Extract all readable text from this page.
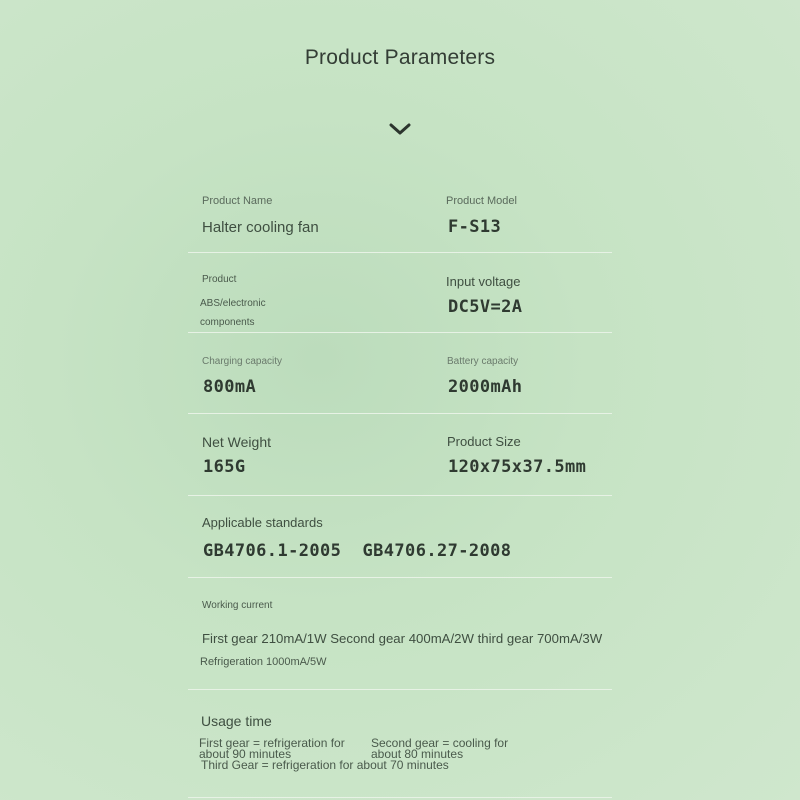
Product Parameters
Product Name
Halter cooling fan
Product Model
F-S13
Product
ABS/electronic
components
Input voltage
DC5V=2A
Charging capacity
800mA
Battery capacity
2000mAh
Net Weight
165G
Product Size
120x75x37.5mm
Applicable standards
GB4706.1-2005  GB4706.27-2008
Working current
First gear 210mA/1W Second gear 400mA/2W third gear 700mA/3W
Refrigeration 1000mA/5W
Usage time
First gear = refrigeration for about 90 minutes
Second gear = cooling for about 80 minutes
Third Gear = refrigeration for about 70 minutes
